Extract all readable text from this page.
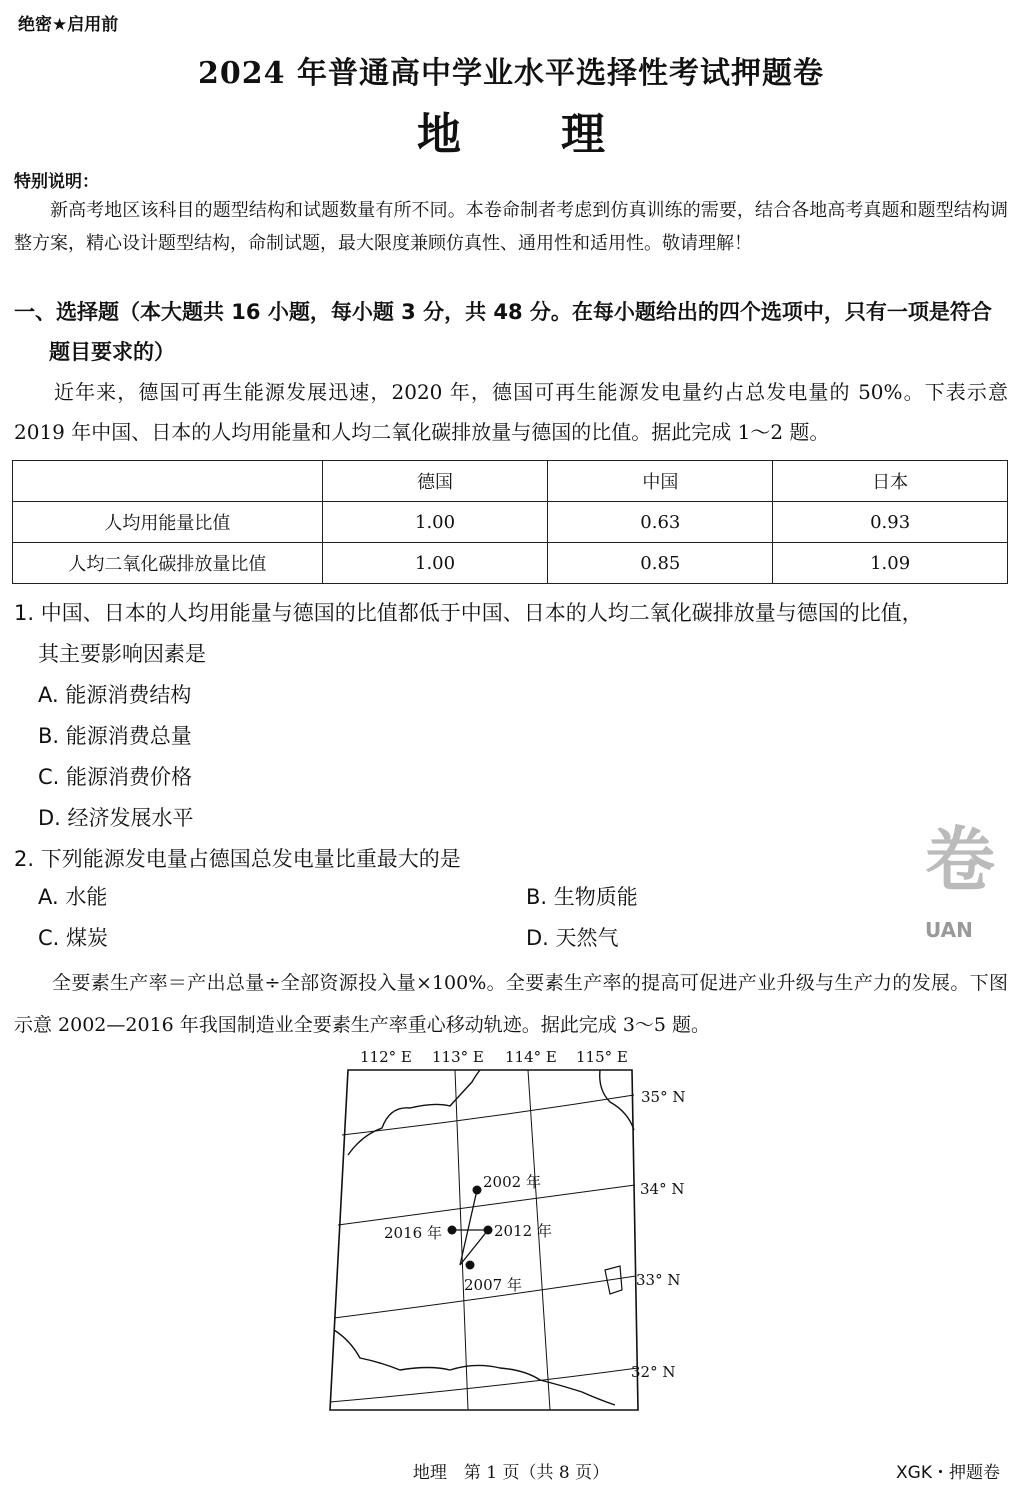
绝密★启用前
2024 年普通高中学业水平选择性考试押题卷
地 理
特别说明：
新高考地区该科目的题型结构和试题数量有所不同。本卷命制者考虑到仿真训练的需要，结合各地高考真题和题型结构调整方案，精心设计题型结构，命制试题，最大限度兼顾仿真性、通用性和适用性。敬请理解！
一、选择题（本大题共 16 小题，每小题 3 分，共 48 分。在每小题给出的四个选项中，只有一项是符合
题目要求的）
近年来，德国可再生能源发展迅速，2020 年，德国可再生能源发电量约占总发电量的 50%。下表示意 2019 年中国、日本的人均用能量和人均二氧化碳排放量与德国的比值。据此完成 1～2 题。
	德国	中国	日本
人均用能量比值	1.00	0.63	0.93
人均二氧化碳排放量比值	1.00	0.85	1.09
1. 中国、日本的人均用能量与德国的比值都低于中国、日本的人均二氧化碳排放量与德国的比值，
其主要影响因素是
A. 能源消费结构
B. 能源消费总量
C. 能源消费价格
D. 经济发展水平
2. 下列能源发电量占德国总发电量比重最大的是
A. 水能	B. 生物质能
C. 煤炭	D. 天然气
卷
UAN
全要素生产率＝产出总量÷全部资源投入量×100%。全要素生产率的提高可促进产业升级与生产力的发展。下图示意 2002—2016 年我国制造业全要素生产率重心移动轨迹。据此完成 3～5 题。
2002 年
2012 年
2016 年
2007 年
112° E 113° E 114° E 115° E
35° N
34° N
33° N
32° N
地理　第 1 页（共 8 页）	XGK・押题卷
